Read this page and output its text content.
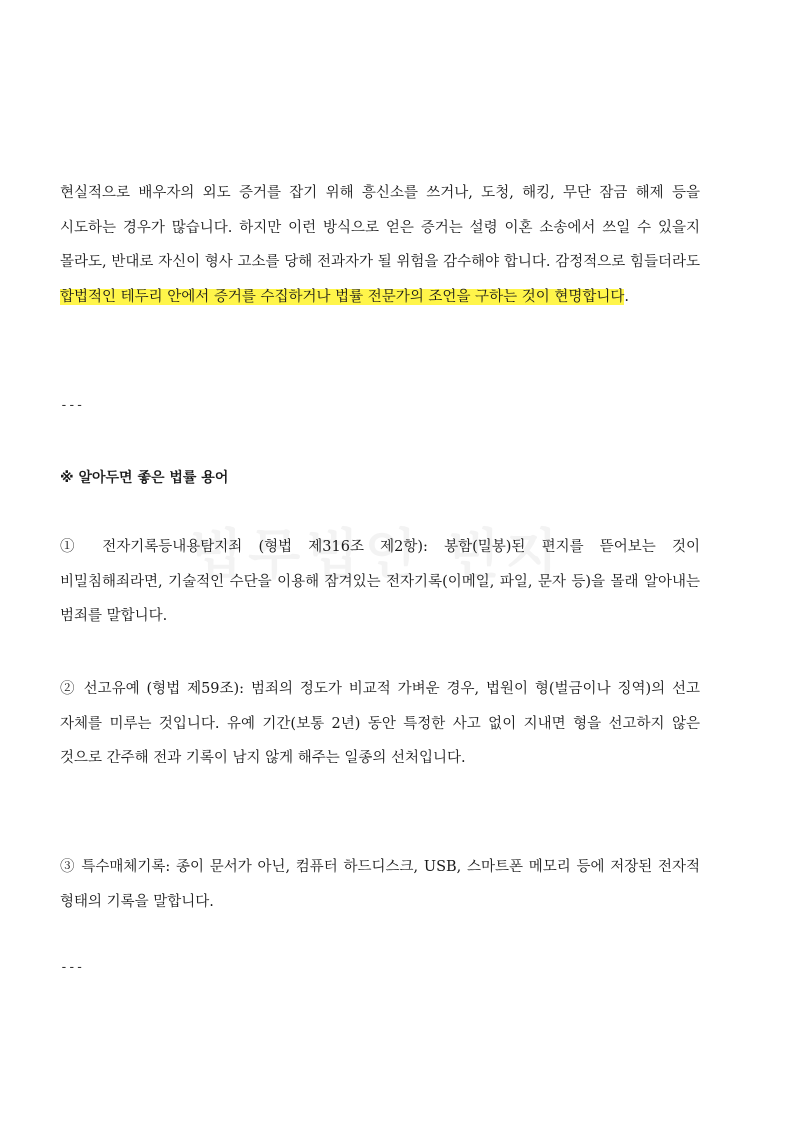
현실적으로 배우자의 외도 증거를 잡기 위해 흥신소를 쓰거나, 도청, 해킹, 무단 잠금 해제 등을 시도하는 경우가 많습니다. 하지만 이런 방식으로 얻은 증거는 설령 이혼 소송에서 쓰일 수 있을지 몰라도, 반대로 자신이 형사 고소를 당해 전과자가 될 위험을 감수해야 합니다. 감정적으로 힘들더라도 합법적인 테두리 안에서 증거를 수집하거나 법률 전문가의 조언을 구하는 것이 현명합니다.

---
※ 알아두면 좋은 법률 용어

① 전자기록등내용탐지죄 (형법 제316조 제2항): 봉함(밀봉)된 편지를 뜯어보는 것이 비밀침해죄라면, 기술적인 수단을 이용해 잠겨있는 전자기록(이메일, 파일, 문자 등)을 몰래 알아내는 범죄를 말합니다.

② 선고유예 (형법 제59조): 범죄의 정도가 비교적 가벼운 경우, 법원이 형(벌금이나 징역)의 선고 자체를 미루는 것입니다. 유예 기간(보통 2년) 동안 특정한 사고 없이 지내면 형을 선고하지 않은 것으로 간주해 전과 기록이 남지 않게 해주는 일종의 선처입니다.

③ 특수매체기록: 종이 문서가 아닌, 컴퓨터 하드디스크, USB, 스마트폰 메모리 등에 저장된 전자적 형태의 기록을 말합니다.

---
